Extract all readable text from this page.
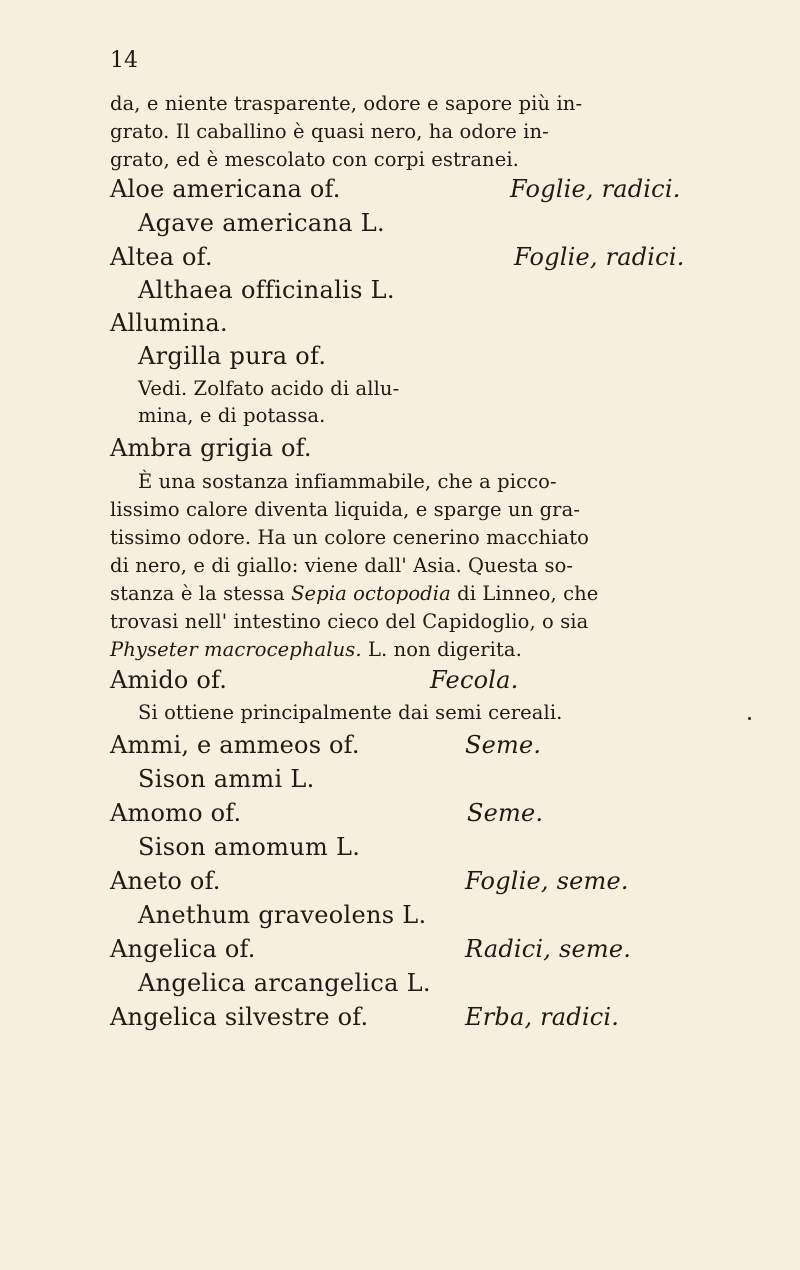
14
da, e niente trasparente, odore e sapore più in-
grato. Il caballino è quasi nero, ha odore in-
grato, ed è mescolato con corpi estranei.
Aloe americana of.	Foglie, radici.
Agave americana L.
Altea of.	Foglie, radici.
Althaea officinalis L.
Allumina.
Argilla pura of.
Vedi. Zolfato acido di allu-
mina, e di potassa.
Ambra grigia of.
È una sostanza infiammabile, che a picco-
lissimo calore diventa liquida, e sparge un gra-
tissimo odore. Ha un colore cenerino macchiato
di nero, e di giallo: viene dall' Asia. Questa so-
stanza è la stessa Sepia octopodia di Linneo, che
trovasi nell' intestino cieco del Capidoglio, o sia
Physeter macrocephalus. L. non digerita.
Amido of.	Fecola.
Si ottiene principalmente dai semi cereali.
Ammi, e ammeos of.	Seme.
Sison ammi L.
Amomo of.	Seme.
Sison amomum L.
Aneto of.	Foglie, seme.
Anethum graveolens L.
Angelica of.	Radici, seme.
Angelica arcangelica L.
Angelica silvestre of.	Erba, radici.
